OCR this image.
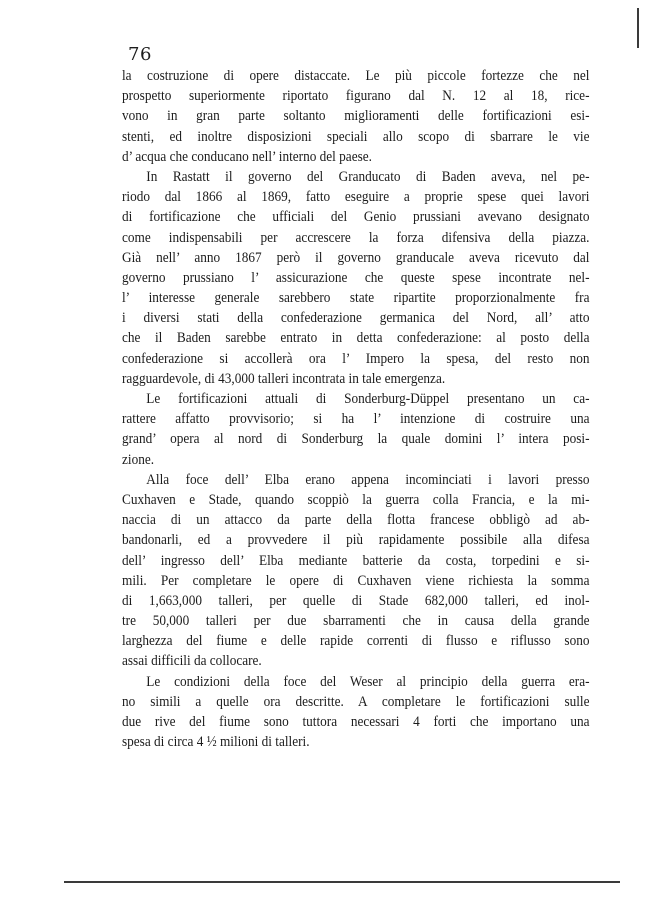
76
la costruzione di opere distaccate. Le più piccole fortezze che nel
prospetto superiormente riportato figurano dal N. 12 al 18, rice-
vono in gran parte soltanto miglioramenti delle fortificazioni esi-
stenti, ed inoltre disposizioni speciali allo scopo di sbarrare le vie
d’ acqua che conducano nell’ interno del paese.
In Rastatt il governo del Granducato di Baden aveva, nel pe-
riodo dal 1866 al 1869, fatto eseguire a proprie spese quei lavori
di fortificazione che ufficiali del Genio prussiani avevano designato
come indispensabili per accrescere la forza difensiva della piazza.
Già nell’ anno 1867 però il governo granducale aveva ricevuto dal
governo prussiano l’ assicurazione che queste spese incontrate nel-
l’ interesse generale sarebbero state ripartite proporzionalmente fra
i diversi stati della confederazione germanica del Nord, all’ atto
che il Baden sarebbe entrato in detta confederazione: al posto della
confederazione si accollerà ora l’ Impero la spesa, del resto non
ragguardevole, di 43,000 talleri incontrata in tale emergenza.
Le fortificazioni attuali di Sonderburg-Düppel presentano un ca-
rattere affatto provvisorio; si ha l’ intenzione di costruire una
grand’ opera al nord di Sonderburg la quale domini l’ intera posi-
zione.
Alla foce dell’ Elba erano appena incominciati i lavori presso
Cuxhaven e Stade, quando scoppiò la guerra colla Francia, e la mi-
naccia di un attacco da parte della flotta francese obbligò ad ab-
bandonarli, ed a provvedere il più rapidamente possibile alla difesa
dell’ ingresso dell’ Elba mediante batterie da costa, torpedini e si-
mili. Per completare le opere di Cuxhaven viene richiesta la somma
di 1,663,000 talleri, per quelle di Stade 682,000 talleri, ed inol-
tre 50,000 talleri per due sbarramenti che in causa della grande
larghezza del fiume e delle rapide correnti di flusso e riflusso sono
assai difficili da collocare.
Le condizioni della foce del Weser al principio della guerra era-
no simili a quelle ora descritte. A completare le fortificazioni sulle
due rive del fiume sono tuttora necessari 4 forti che importano una
spesa di circa 4 ½ milioni di talleri.
